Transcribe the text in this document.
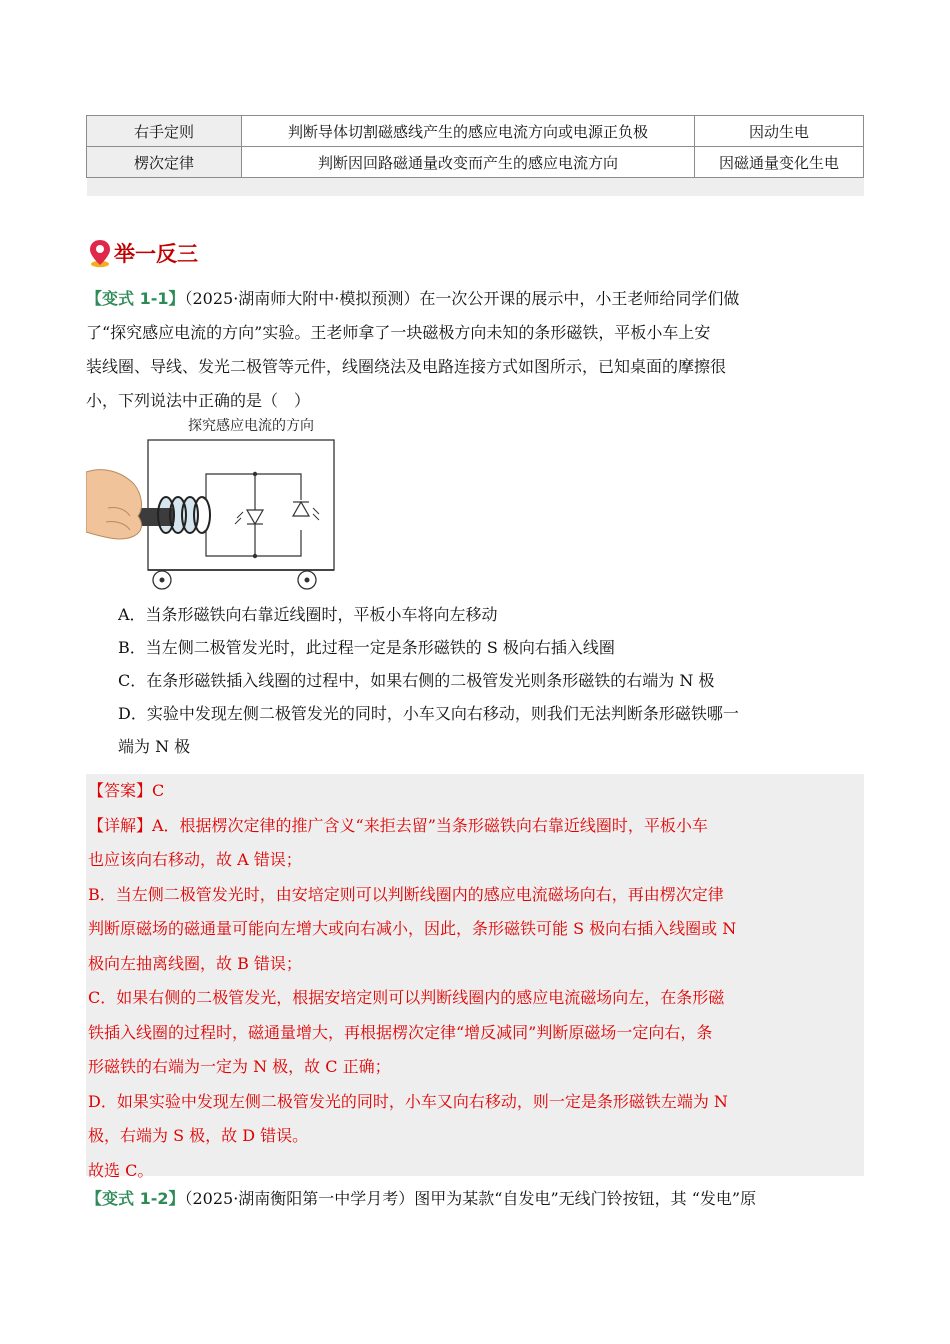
右手定则	判断导体切割磁感线产生的感应电流方向或电源正负极	因动生电
楞次定律	判断因回路磁通量改变而产生的感应电流方向	因磁通量变化生电

举一反三
【变式 1-1】（2025·湖南师大附中·模拟预测）在一次公开课的展示中，小王老师给同学们做
了“探究感应电流的方向”实验。王老师拿了一块磁极方向未知的条形磁铁，平板小车上安
装线圈、导线、发光二极管等元件，线圈绕法及电路连接方式如图所示，已知桌面的摩擦很
小，下列说法中正确的是（　）
探究感应电流的方向
A．当条形磁铁向右靠近线圈时，平板小车将向左移动
B．当左侧二极管发光时，此过程一定是条形磁铁的 S 极向右插入线圈
C．在条形磁铁插入线圈的过程中，如果右侧的二极管发光则条形磁铁的右端为 N 极
D．实验中发现左侧二极管发光的同时，小车又向右移动，则我们无法判断条形磁铁哪一
端为 N 极
【答案】C
【详解】A．根据楞次定律的推广含义“来拒去留”当条形磁铁向右靠近线圈时，平板小车
也应该向右移动，故 A 错误；
B．当左侧二极管发光时，由安培定则可以判断线圈内的感应电流磁场向右，再由楞次定律
判断原磁场的磁通量可能向左增大或向右减小，因此，条形磁铁可能 S 极向右插入线圈或 N
极向左抽离线圈，故 B 错误；
C．如果右侧的二极管发光，根据安培定则可以判断线圈内的感应电流磁场向左，在条形磁
铁插入线圈的过程时，磁通量增大，再根据楞次定律“增反减同”判断原磁场一定向右，条
形磁铁的右端为一定为 N 极，故 C 正确；
D．如果实验中发现左侧二极管发光的同时，小车又向右移动，则一定是条形磁铁左端为 N
极，右端为 S 极，故 D 错误。
故选 C。
【变式 1-2】（2025·湖南衡阳第一中学月考）图甲为某款“自发电”无线门铃按钮，其 “发电”原
